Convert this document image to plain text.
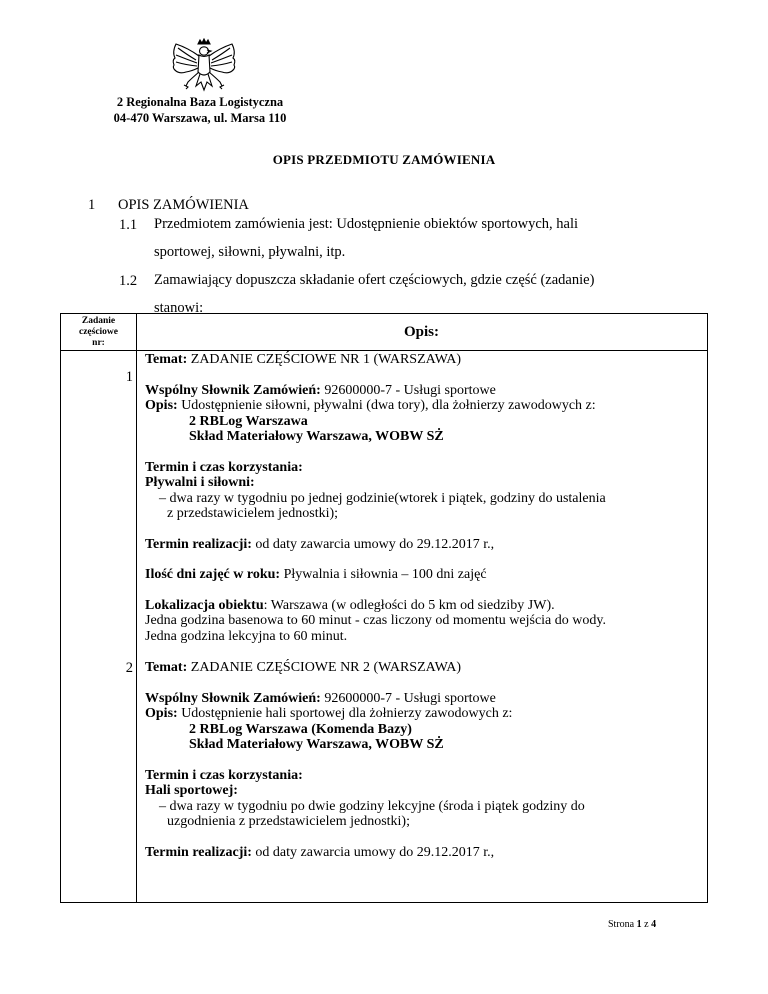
2 Regionalna Baza Logistyczna
04-470 Warszawa, ul. Marsa 110
OPIS PRZEDMIOTU ZAMÓWIENIA
1 OPIS ZAMÓWIENIA
1.1 Przedmiotem zamówienia jest: Udostępnienie obiektów sportowych, hali
sportowej, siłowni, pływalni, itp.
1.2 Zamawiający dopuszcza składanie ofert częściowych, gdzie część (zadanie)
stanowi:
Zadanie
częściowe
nr:
Opis:
1

Temat: ZADANIE CZĘŚCIOWE NR 1 (WARSZAWA)

Wspólny Słownik Zamówień: 92600000-7 - Usługi sportowe

Opis: Udostępnienie siłowni, pływalni (dwa tory), dla żołnierzy zawodowych z:

2 RBLog Warszawa

Skład Materiałowy Warszawa, WOBW SŻ

Termin i czas korzystania:

Pływalni i siłowni:

– dwa razy w tygodniu po jednej godzinie(wtorek i piątek, godziny do ustalenia

z przedstawicielem jednostki);

Termin realizacji: od daty zawarcia umowy do 29.12.2017 r.,

Ilość dni zajęć w roku: Pływalnia i siłownia – 100 dni zajęć

Lokalizacja obiektu: Warszawa (w odległości do 5 km od siedziby JW).

Jedna godzina basenowa to 60 minut - czas liczony od momentu wejścia do wody.

Jedna godzina lekcyjna to 60 minut.

2 Temat: ZADANIE CZĘŚCIOWE NR 2 (WARSZAWA)

Wspólny Słownik Zamówień: 92600000-7 - Usługi sportowe

Opis: Udostępnienie hali sportowej dla żołnierzy zawodowych z:

2 RBLog Warszawa (Komenda Bazy)

Skład Materiałowy Warszawa, WOBW SŻ

Termin i czas korzystania:

Hali sportowej:

– dwa razy w tygodniu po dwie godziny lekcyjne (środa i piątek godziny do

uzgodnienia z przedstawicielem jednostki);

Termin realizacji: od daty zawarcia umowy do 29.12.2017 r.,

Strona 1 z 4
